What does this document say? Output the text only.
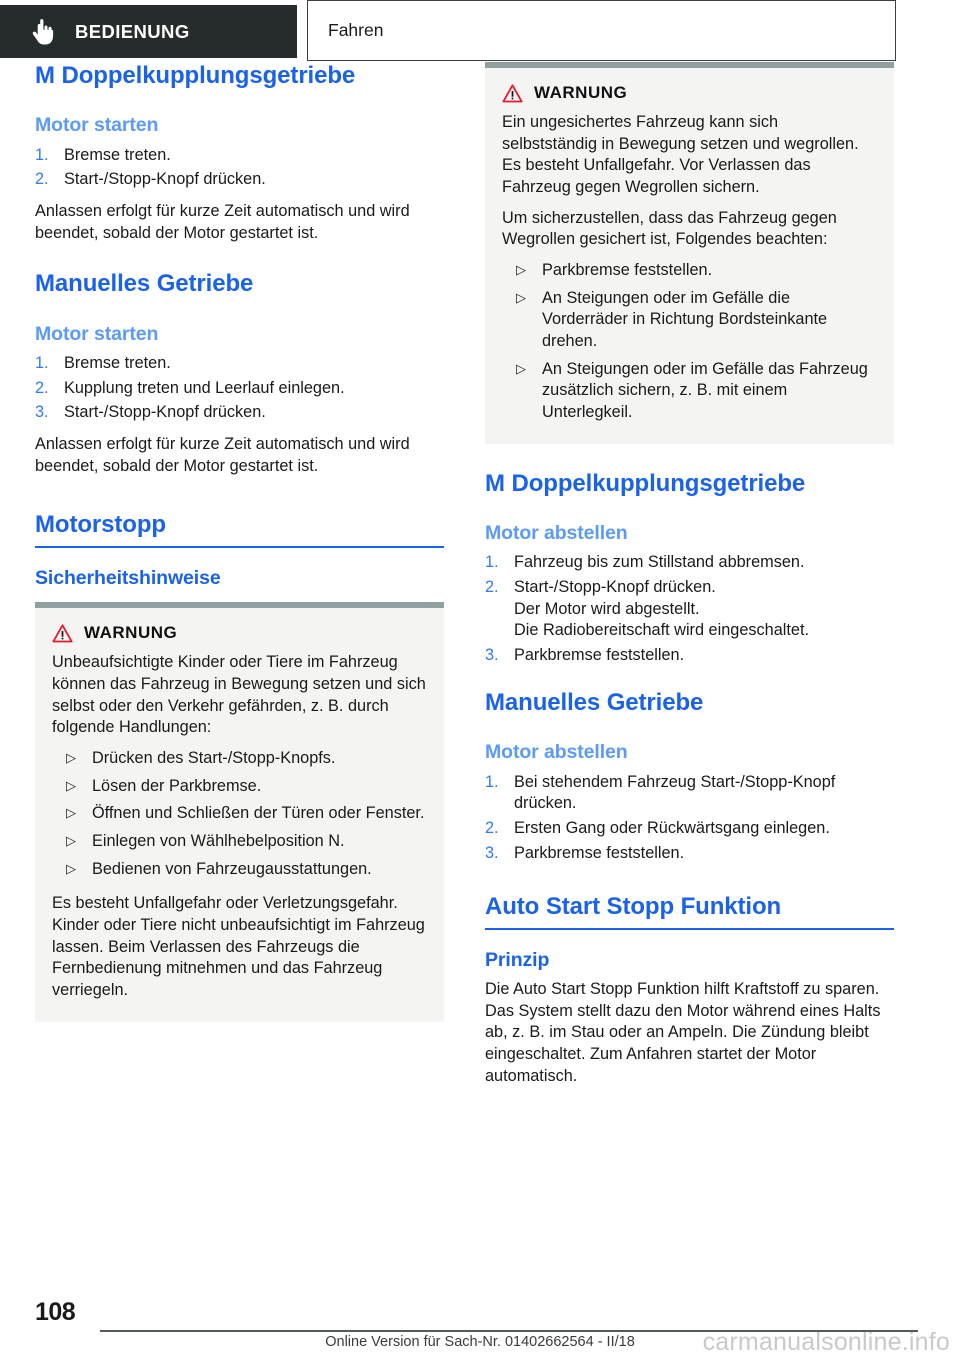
BEDIENUNG	Fahren
M Doppelkupplungsgetriebe
Motor starten
1. Bremse treten.
2. Start-/Stopp-Knopf drücken.

Anlassen erfolgt für kurze Zeit automatisch und wird beendet, sobald der Motor gestartet ist.

Manuelles Getriebe
Motor starten
1. Bremse treten.
2. Kupplung treten und Leerlauf einlegen.
3. Start-/Stopp-Knopf drücken.

Anlassen erfolgt für kurze Zeit automatisch und wird beendet, sobald der Motor gestartet ist.

Motorstopp
Sicherheitshinweise
WARNUNG

Unbeaufsichtigte Kinder oder Tiere im Fahrzeug können das Fahrzeug in Bewegung setzen und sich selbst oder den Verkehr gefährden, z. B. durch folgende Handlungen:

▷ Drücken des Start-/Stopp-Knopfs.
▷ Lösen der Parkbremse.
▷ Öffnen und Schließen der Türen oder Fenster.
▷ Einlegen von Wählhebelposition N.
▷ Bedienen von Fahrzeugausstattungen.

Es besteht Unfallgefahr oder Verletzungsgefahr. Kinder oder Tiere nicht unbeaufsichtigt im Fahrzeug lassen. Beim Verlassen des Fahrzeugs die Fernbedienung mitnehmen und das Fahrzeug verriegeln.

WARNUNG

Ein ungesichertes Fahrzeug kann sich selbstständig in Bewegung setzen und wegrollen. Es besteht Unfallgefahr. Vor Verlassen das Fahrzeug gegen Wegrollen sichern.

Um sicherzustellen, dass das Fahrzeug gegen Wegrollen gesichert ist, Folgendes beachten:

▷ Parkbremse feststellen.
▷ An Steigungen oder im Gefälle die Vorderräder in Richtung Bordsteinkante drehen.
▷ An Steigungen oder im Gefälle das Fahrzeug zusätzlich sichern, z. B. mit einem Unterlegkeil.
M Doppelkupplungsgetriebe
Motor abstellen
1. Fahrzeug bis zum Stillstand abbremsen.
2. Start-/Stopp-Knopf drücken.
Der Motor wird abgestellt.
Die Radiobereitschaft wird eingeschaltet.
3. Parkbremse feststellen.
Manuelles Getriebe
Motor abstellen
1. Bei stehendem Fahrzeug Start-/Stopp-Knopf drücken.
2. Ersten Gang oder Rückwärtsgang einlegen.
3. Parkbremse feststellen.
Auto Start Stopp Funktion
Prinzip

Die Auto Start Stopp Funktion hilft Kraftstoff zu sparen. Das System stellt dazu den Motor während eines Halts ab, z. B. im Stau oder an Ampeln. Die Zündung bleibt eingeschaltet. Zum Anfahren startet der Motor automatisch.

108
Online Version für Sach-Nr. 01402662564 - II/18	carmanualsonline.info
